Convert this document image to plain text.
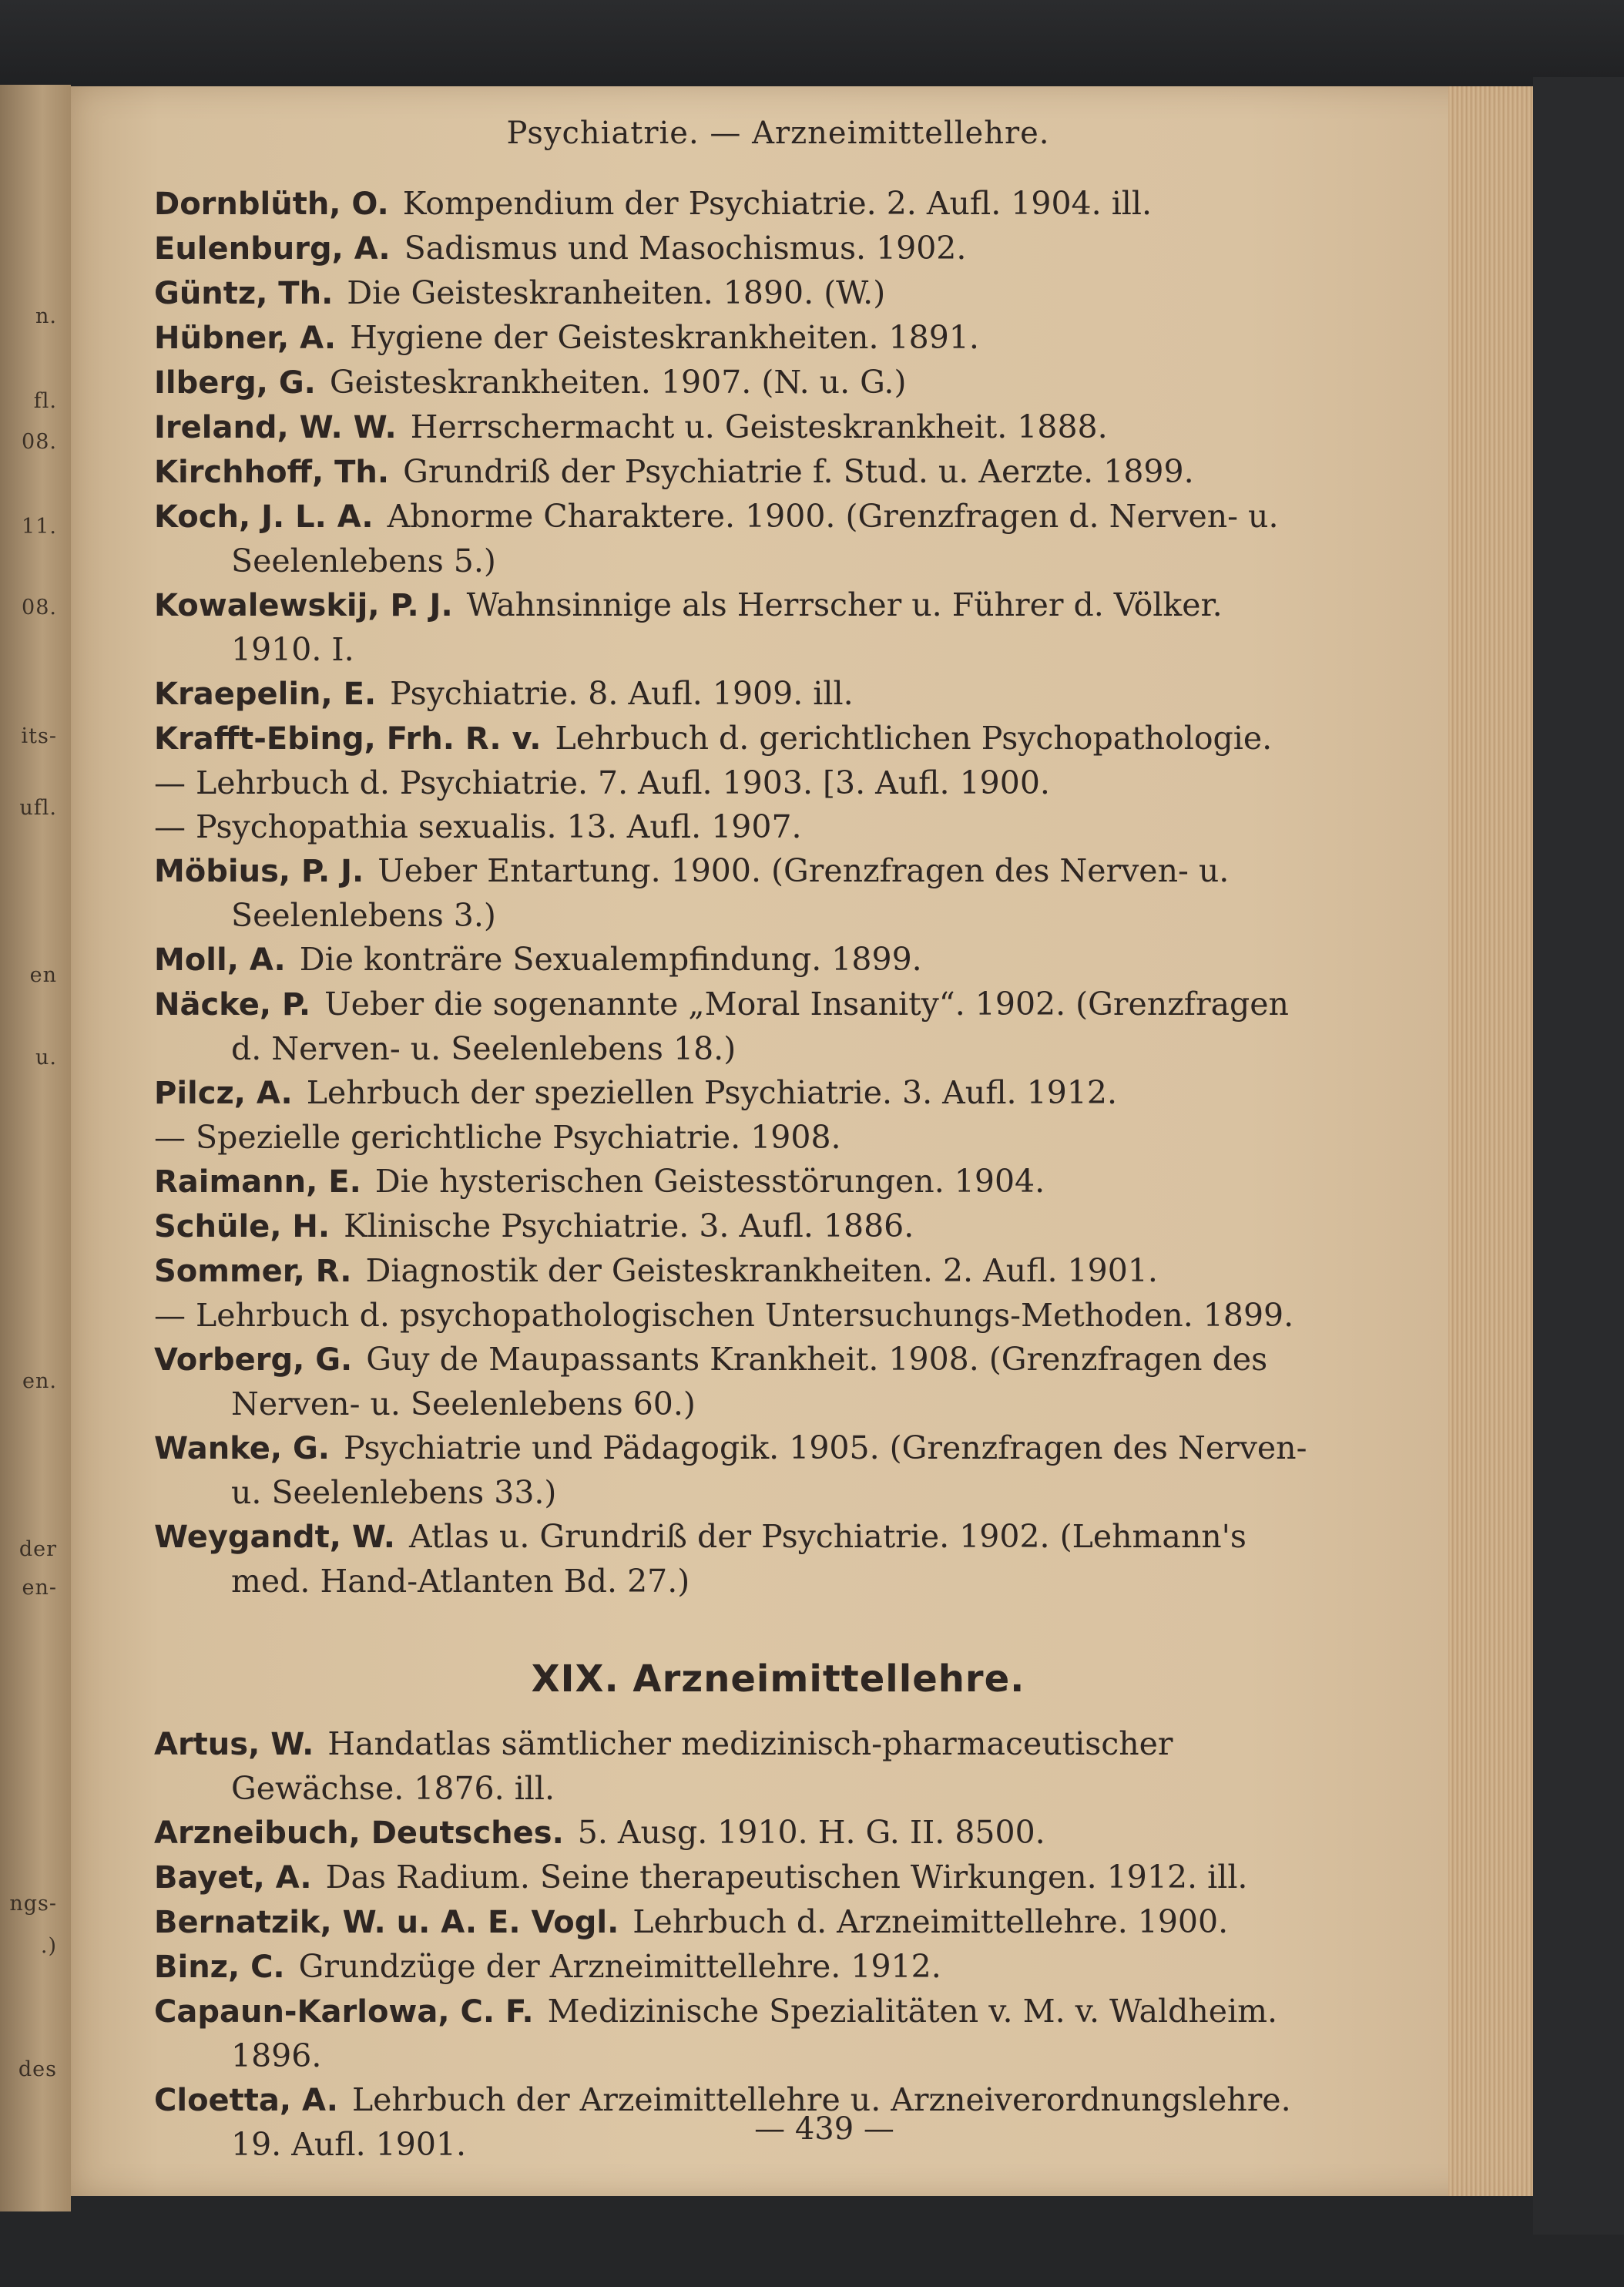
n.
fl.
08.
11.
08.
its-
ufl.
en
u.
en.
der
en-
ngs-
.)
des
Psychiatrie. — Arzneimittellehre.

Dornblüth, O. Kompendium der Psychiatrie. 2. Aufl. 1904. ill.

Eulenburg, A. Sadismus und Masochismus. 1902.

Güntz, Th. Die Geisteskranheiten. 1890. (W.)

Hübner, A. Hygiene der Geisteskrankheiten. 1891.

Ilberg, G. Geisteskrankheiten. 1907. (N. u. G.)

Ireland, W. W. Herrschermacht u. Geisteskrankheit. 1888.

Kirchhoff, Th. Grundriß der Psychiatrie f. Stud. u. Aerzte. 1899.

Koch, J. L. A. Abnorme Charaktere. 1900. (Grenzfragen d. Nerven- u. Seelenlebens 5.)

Kowalewskij, P. J. Wahnsinnige als Herrscher u. Führer d. Völker. 1910. I.

Kraepelin, E. Psychiatrie. 8. Aufl. 1909. ill.

Krafft-Ebing, Frh. R. v. Lehrbuch d. gerichtlichen Psychopathologie.

— Lehrbuch d. Psychiatrie. 7. Aufl. 1903. [3. Aufl. 1900.

— Psychopathia sexualis. 13. Aufl. 1907.

Möbius, P. J. Ueber Entartung. 1900. (Grenzfragen des Nerven- u. Seelenlebens 3.)

Moll, A. Die konträre Sexualempfindung. 1899.

Näcke, P. Ueber die sogenannte „Moral Insanity“. 1902. (Grenzfragen d. Nerven- u. Seelenlebens 18.)

Pilcz, A. Lehrbuch der speziellen Psychiatrie. 3. Aufl. 1912.

— Spezielle gerichtliche Psychiatrie. 1908.

Raimann, E. Die hysterischen Geistesstörungen. 1904.

Schüle, H. Klinische Psychiatrie. 3. Aufl. 1886.

Sommer, R. Diagnostik der Geisteskrankheiten. 2. Aufl. 1901.

— Lehrbuch d. psychopathologischen Untersuchungs-Methoden. 1899.

Vorberg, G. Guy de Maupassants Krankheit. 1908. (Grenzfragen des Nerven- u. Seelenlebens 60.)

Wanke, G. Psychiatrie und Pädagogik. 1905. (Grenzfragen des Nerven- u. Seelenlebens 33.)

Weygandt, W. Atlas u. Grundriß der Psychiatrie. 1902. (Lehmann's med. Hand-Atlanten Bd. 27.)

XIX. Arzneimittellehre.

Artus, W. Handatlas sämtlicher medizinisch-pharmaceutischer Gewächse. 1876. ill.

Arzneibuch, Deutsches. 5. Ausg. 1910. H. G. II. 8500.

Bayet, A. Das Radium. Seine therapeutischen Wirkungen. 1912. ill.

Bernatzik, W. u. A. E. Vogl. Lehrbuch d. Arzneimittellehre. 1900.

Binz, C. Grundzüge der Arzneimittellehre. 1912.

Capaun-Karlowa, C. F. Medizinische Spezialitäten v. M. v. Waldheim. 1896.

Cloetta, A. Lehrbuch der Arzeimittellehre u. Arzneiverordnungslehre. 19. Aufl. 1901.	— 439 —
